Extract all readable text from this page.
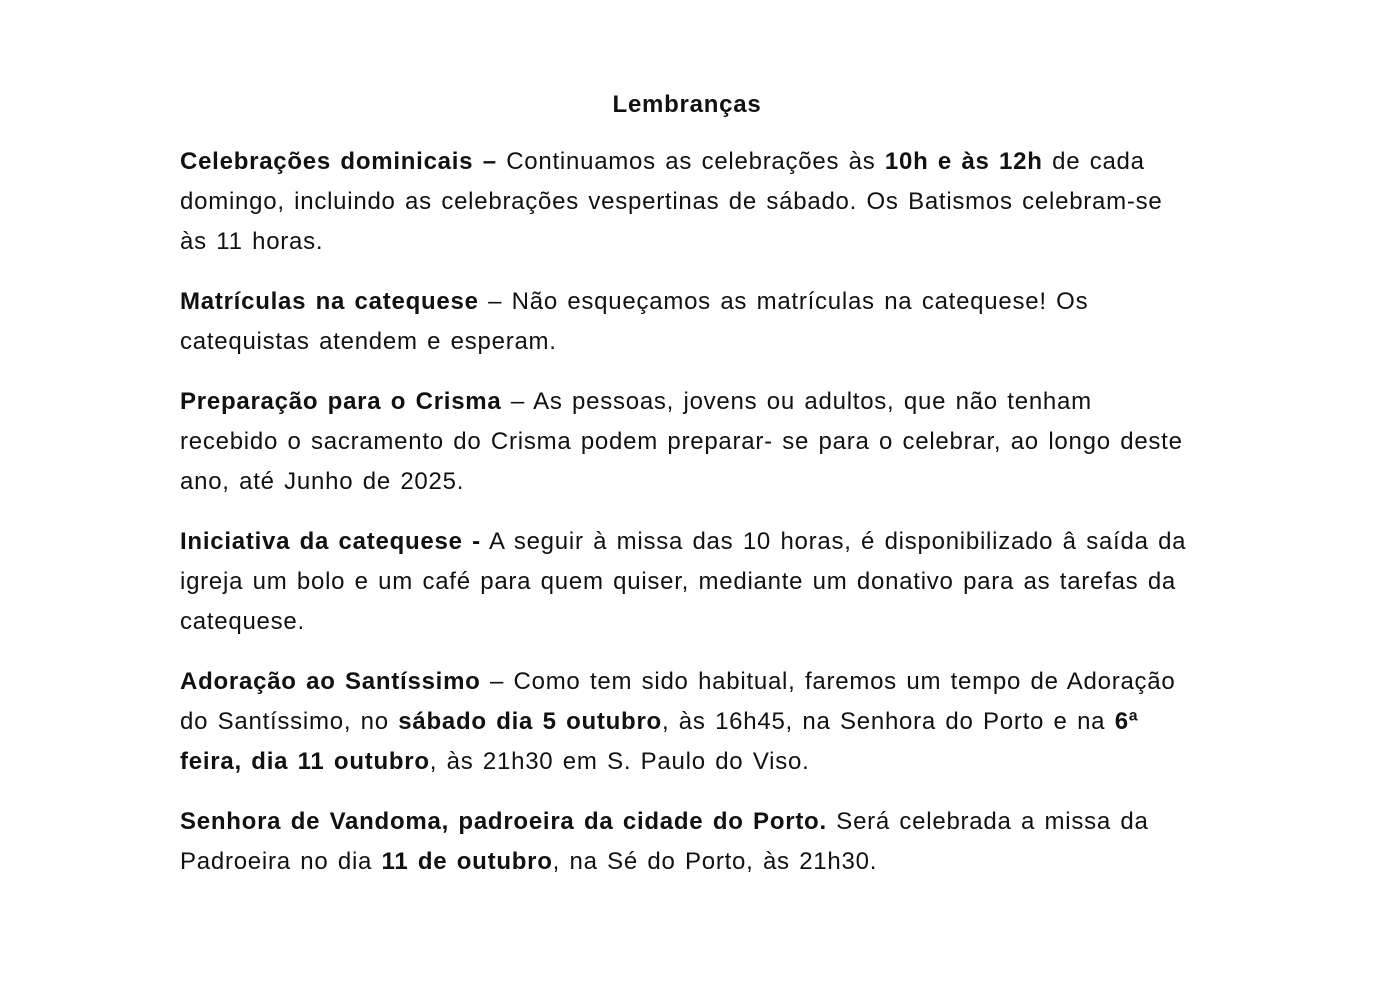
Lembranças

Celebrações dominicais – Continuamos as celebrações às 10h e às 12h de cada domingo, incluindo as celebrações vespertinas de sábado. Os Batismos celebram-se às 11 horas.

Matrículas na catequese – Não esqueçamos as matrículas na catequese! Os catequistas atendem e esperam.

Preparação para o Crisma – As pessoas, jovens ou adultos, que não tenham recebido o sacramento do Crisma podem preparar- se para o celebrar, ao longo deste ano, até Junho de 2025.

Iniciativa da catequese - A seguir à missa das 10 horas, é disponibilizado â saída da igreja um bolo e um café para quem quiser, mediante um donativo para as tarefas da catequese.

Adoração ao Santíssimo – Como tem sido habitual, faremos um tempo de Adoração do Santíssimo, no sábado dia 5 outubro, às 16h45, na Senhora do Porto e na 6ª feira, dia 11 outubro, às 21h30 em S. Paulo do Viso.

Senhora de Vandoma, padroeira da cidade do Porto. Será celebrada a missa da Padroeira no dia 11 de outubro, na Sé do Porto, às 21h30.
